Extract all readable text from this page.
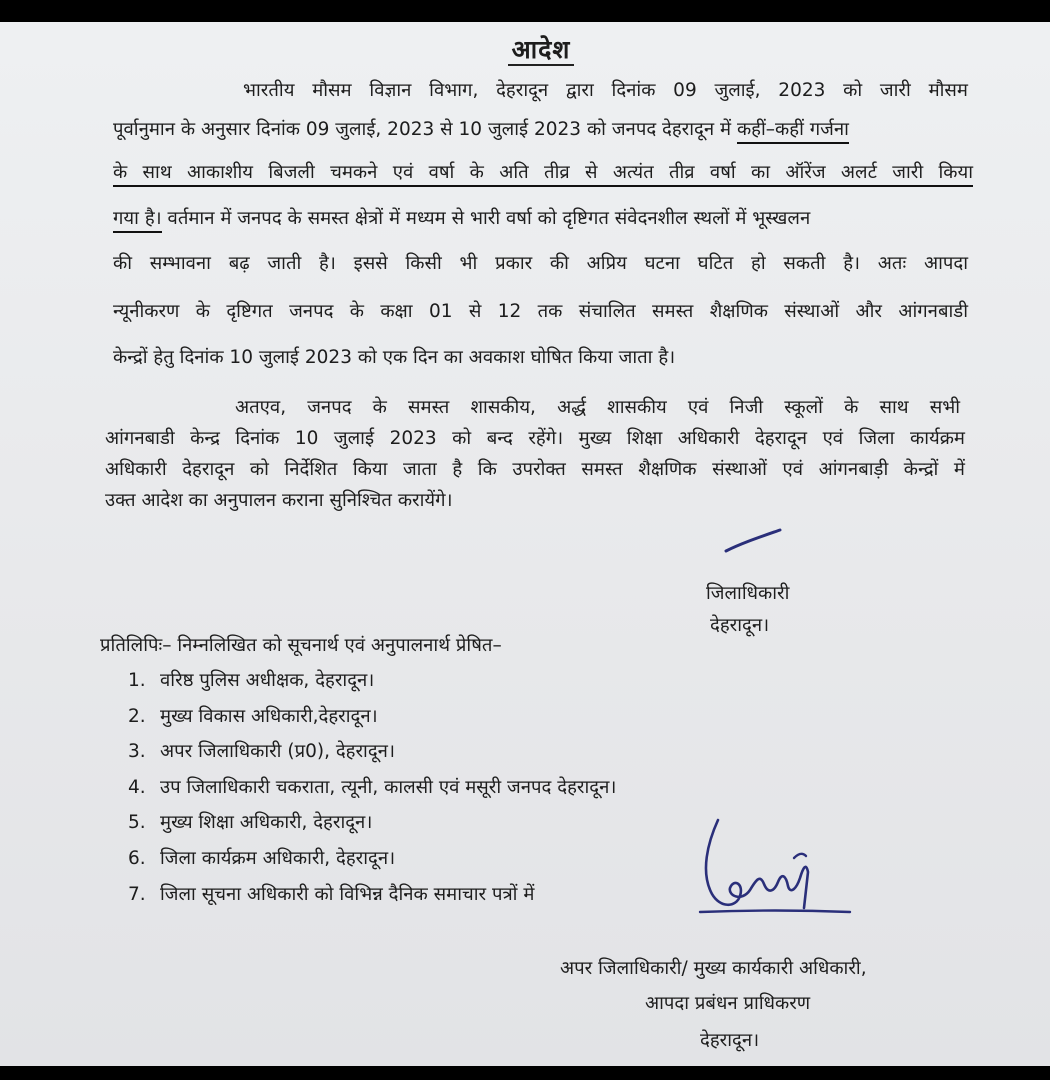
आदेश
भारतीय मौसम विज्ञान विभाग, देहरादून द्वारा दिनांक 09 जुलाई, 2023 को जारी मौसम
पूर्वानुमान के अनुसार दिनांक 09 जुलाई, 2023 से 10 जुलाई 2023 को जनपद देहरादून में कहीं–कहीं गर्जना
के साथ आकाशीय बिजली चमकने एवं वर्षा के अति तीव्र से अत्यंत तीव्र वर्षा का ऑरेंज अलर्ट जारी किया
गया है। वर्तमान में जनपद के समस्त क्षेत्रों में मध्यम से भारी वर्षा को दृष्टिगत संवेदनशील स्थलों में भूस्खलन
की सम्भावना बढ़ जाती है। इससे किसी भी प्रकार की अप्रिय घटना घटित हो सकती है। अतः आपदा
न्यूनीकरण के दृष्टिगत जनपद के कक्षा 01 से 12 तक संचालित समस्त शैक्षणिक संस्थाओं और आंगनबाडी
केन्द्रों हेतु दिनांक 10 जुलाई 2023 को एक दिन का अवकाश घोषित किया जाता है।
अतएव, जनपद के समस्त शासकीय, अर्द्ध शासकीय एवं निजी स्कूलों के साथ सभी
आंगनबाडी केन्द्र दिनांक 10 जुलाई 2023 को बन्द रहेंगे। मुख्य शिक्षा अधिकारी देहरादून एवं जिला कार्यक्रम
अधिकारी देहरादून को निर्देशित किया जाता है कि उपरोक्त समस्त शैक्षणिक संस्थाओं एवं आंगनबाड़ी केन्द्रों में
उक्त आदेश का अनुपालन कराना सुनिश्चित करायेंगे।
जिलाधिकारी
देहरादून।
प्रतिलिपिः– निम्नलिखित को सूचनार्थ एवं अनुपालनार्थ प्रेषित–
1. वरिष्ठ पुलिस अधीक्षक, देहरादून।
2. मुख्य विकास अधिकारी,देहरादून।
3. अपर जिलाधिकारी (प्र0), देहरादून।
4. उप जिलाधिकारी चकराता, त्यूनी, कालसी एवं मसूरी जनपद देहरादून।
5. मुख्य शिक्षा अधिकारी, देहरादून।
6. जिला कार्यक्रम अधिकारी, देहरादून।
7. जिला सूचना अधिकारी को विभिन्न दैनिक समाचार पत्रों में
अपर जिलाधिकारी/ मुख्य कार्यकारी अधिकारी,
आपदा प्रबंधन प्राधिकरण
देहरादून।
